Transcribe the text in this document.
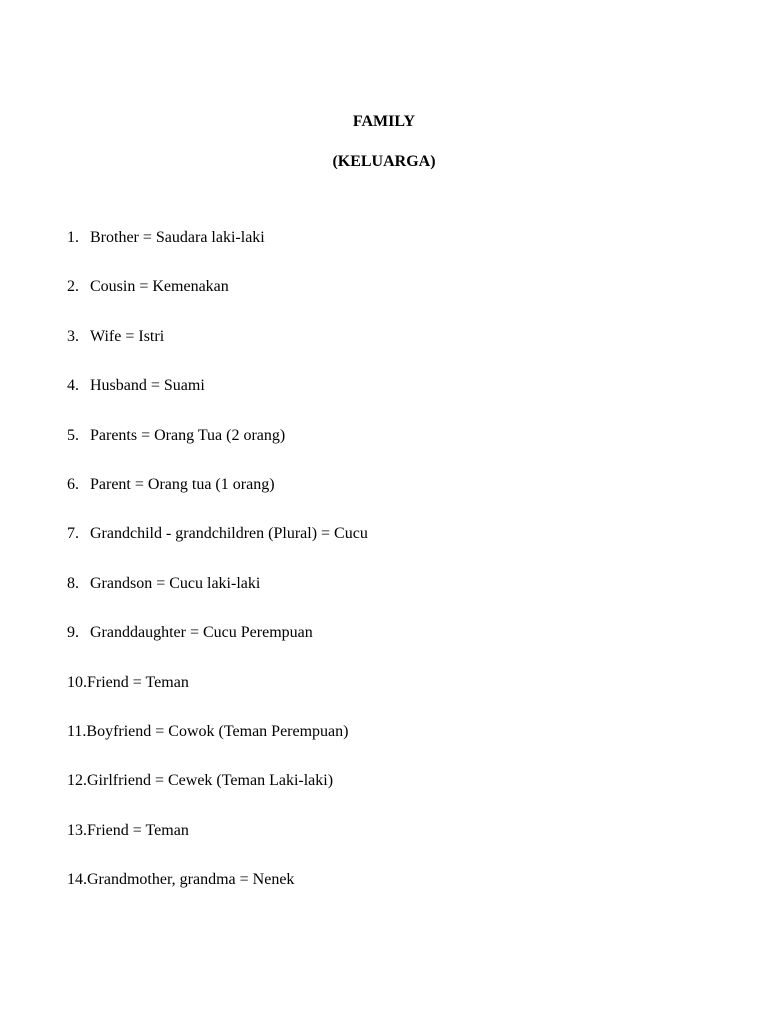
FAMILY
(KELUARGA)
1. Brother = Saudara laki-laki
2. Cousin = Kemenakan
3. Wife = Istri
4. Husband = Suami
5. Parents = Orang Tua (2 orang)
6. Parent = Orang tua (1 orang)
7. Grandchild - grandchildren (Plural) = Cucu
8. Grandson = Cucu laki-laki
9. Granddaughter = Cucu Perempuan
10. Friend = Teman
11. Boyfriend = Cowok (Teman Perempuan)
12. Girlfriend = Cewek (Teman Laki-laki)
13. Friend = Teman
14. Grandmother, grandma = Nenek
